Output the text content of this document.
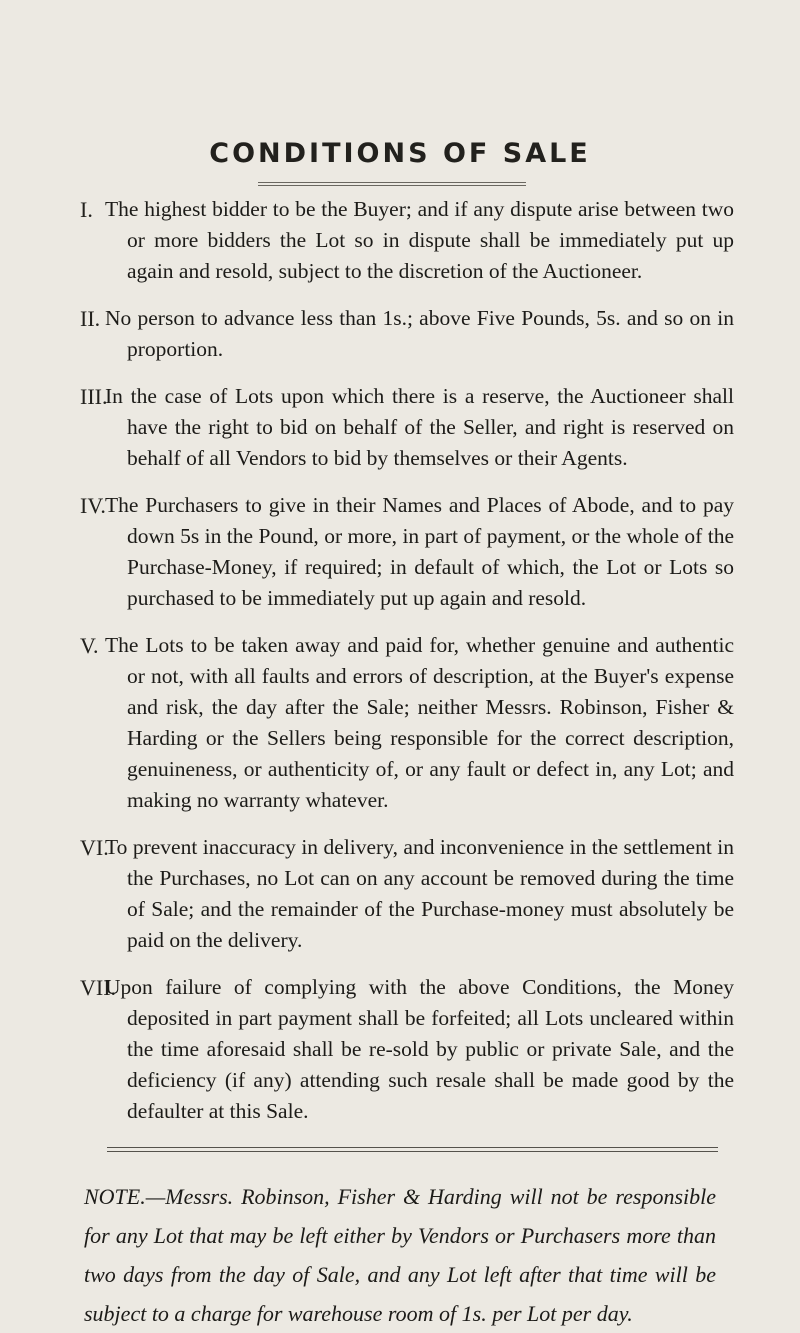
CONDITIONS OF SALE
I. The highest bidder to be the Buyer; and if any dispute arise between two or more bidders the Lot so in dispute shall be immediately put up again and resold, subject to the discretion of the Auctioneer.
II. No person to advance less than 1s.; above Five Pounds, 5s. and so on in proportion.
III.
In the case of Lots upon which there is a reserve, the Auctioneer shall have the right to bid on behalf of the Seller, and right is reserved on behalf of all Vendors to bid by themselves or their Agents.
IV. The Purchasers to give in their Names and Places of Abode, and to pay down 5s in the Pound, or more, in part of payment, or the whole of the Purchase-Money, if required; in default of which, the Lot or Lots so purchased to be immediately put up again and resold.
V. The Lots to be taken away and paid for, whether genuine and authentic or not, with all faults and errors of description, at the Buyer's expense and risk, the day after the Sale; neither Messrs. Robinson, Fisher & Harding or the Sellers being responsible for the correct description, genuineness, or authenticity of, or any fault or defect in, any Lot; and making no warranty whatever.
VI.
To prevent inaccuracy in delivery, and inconvenience in the settlement in the Purchases, no Lot can on any account be removed during the time of Sale; and the remainder of the Purchase-money must absolutely be paid on the delivery.
VII.
Upon failure of complying with the above Conditions, the Money deposited in part payment shall be forfeited; all Lots uncleared within the time aforesaid shall be re-sold by public or private Sale, and the deficiency (if any) attending such resale shall be made good by the defaulter at this Sale.
NOTE.—Messrs. Robinson, Fisher & Harding will not be responsible for any Lot that may be left either by Vendors or Purchasers more than two days from the day of Sale, and any Lot left after that time will be subject to a charge for warehouse room of 1s. per Lot per day.
